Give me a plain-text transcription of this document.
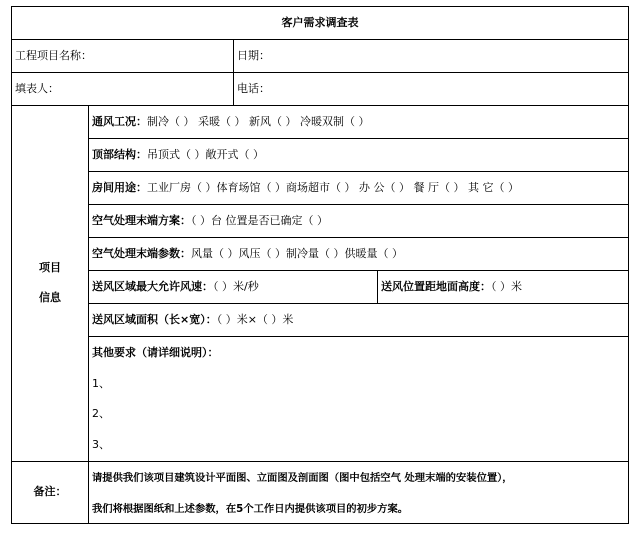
客户需求调查表
工程项目名称：	日期：
填表人：	电话：
项目
信息
通风工况：制冷（ ） 采暖（ ） 新风（ ） 冷暖双制（ ）
顶部结构：吊顶式（ ）敞开式（ ）
房间用途：工业厂房（ ）体育场馆（ ）商场超市（ ） 办 公（ ） 餐 厅（ ） 其 它（ ）
空气处理末端方案：（ ）台 位置是否已确定（ ）
空气处理末端参数：风量（ ）风压（ ）制冷量（ ）供暖量（ ）
送风区域最大允许风速：（ ）米/秒	送风位置距地面高度：（ ）米
送风区域面积（长×宽）：（ ）米×（ ）米
其他要求（请详细说明）：
1、
2、
3、
备注：
请提供我们该项目建筑设计平面图、立面图及剖面图（图中包括空气 处理末端的安装位置），
我们将根据图纸和上述参数，在5个工作日内提供该项目的初步方案。
